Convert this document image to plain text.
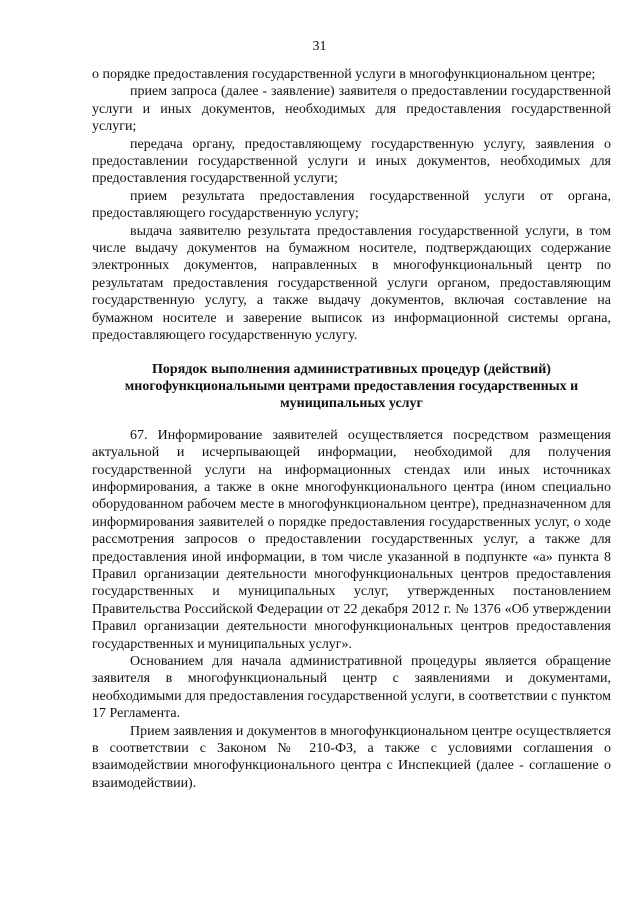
31

о порядке предоставления государственной услуги в многофункциональном центре;

прием запроса (далее - заявление) заявителя о предоставлении государственной услуги и иных документов, необходимых для предоставления государственной услуги;

передача органу, предоставляющему государственную услугу, заявления о предоставлении государственной услуги и иных документов, необходимых для предоставления государственной услуги;

прием результата предоставления государственной услуги от органа, предоставляющего государственную услугу;

выдача заявителю результата предоставления государственной услуги, в том числе выдачу документов на бумажном носителе, подтверждающих содержание электронных документов, направленных в многофункциональный центр по результатам предоставления государственной услуги органом, предоставляющим государственную услугу, а также выдачу документов, включая составление на бумажном носителе и заверение выписок из информационной системы органа, предоставляющего государственную услугу.

Порядок выполнения административных процедур (действий)
многофункциональными центрами предоставления государственных и
муниципальных услуг

67. Информирование заявителей осуществляется посредством размещения актуальной и исчерпывающей информации, необходимой для получения государственной услуги на информационных стендах или иных источниках информирования, а также в окне многофункционального центра (ином специально оборудованном рабочем месте в многофункциональном центре), предназначенном для информирования заявителей о порядке предоставления государственных услуг, о ходе рассмотрения запросов о предоставлении государственных услуг, а также для предоставления иной информации, в том числе указанной в подпункте «а» пункта 8 Правил организации деятельности многофункциональных центров предоставления государственных и муниципальных услуг, утвержденных постановлением Правительства Российской Федерации от 22 декабря 2012 г. № 1376 «Об утверждении Правил организации деятельности многофункциональных центров предоставления государственных и муниципальных услуг».

Основанием для начала административной процедуры является обращение заявителя в многофункциональный центр с заявлениями и документами, необходимыми для предоставления государственной услуги, в соответствии с пунктом 17 Регламента.

Прием заявления и документов в многофункциональном центре осуществляется в соответствии с Законом № 210-ФЗ, а также с условиями соглашения о взаимодействии многофункционального центра с Инспекцией (далее - соглашение о взаимодействии).
